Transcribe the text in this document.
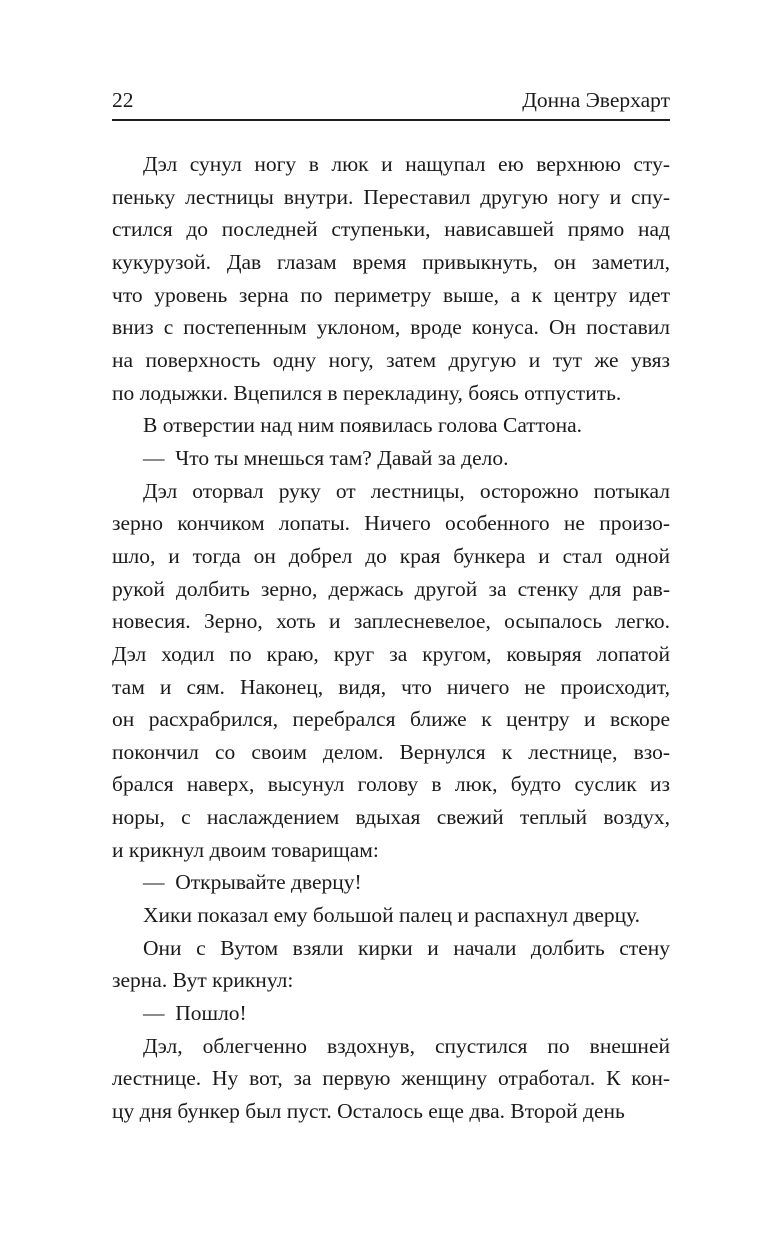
22	Донна Эверхарт
Дэл сунул ногу в люк и нащупал ею верхнюю сту-
пеньку лестницы внутри. Переставил другую ногу и спу-
стился до последней ступеньки, нависавшей прямо над
кукурузой. Дав глазам время привыкнуть, он заметил,
что уровень зерна по периметру выше, а к центру идет
вниз с постепенным уклоном, вроде конуса. Он поставил
на поверхность одну ногу, затем другую и тут же увяз
по лодыжки. Вцепился в перекладину, боясь отпустить.
В отверстии над ним появилась голова Саттона.
— Что ты мнешься там? Давай за дело.
Дэл оторвал руку от лестницы, осторожно потыкал
зерно кончиком лопаты. Ничего особенного не произо-
шло, и тогда он добрел до края бункера и стал одной
рукой долбить зерно, держась другой за стенку для рав-
новесия. Зерно, хоть и заплесневелое, осыпалось легко.
Дэл ходил по краю, круг за кругом, ковыряя лопатой
там и сям. Наконец, видя, что ничего не происходит,
он расхрабрился, перебрался ближе к центру и вскоре
покончил со своим делом. Вернулся к лестнице, взо-
брался наверх, высунул голову в люк, будто суслик из
норы, с наслаждением вдыхая свежий теплый воздух,
и крикнул двоим товарищам:
— Открывайте дверцу!
Хики показал ему большой палец и распахнул дверцу.
Они с Вутом взяли кирки и начали долбить стену
зерна. Вут крикнул:
— Пошло!
Дэл, облегченно вздохнув, спустился по внешней
лестнице. Ну вот, за первую женщину отработал. К кон-
цу дня бункер был пуст. Осталось еще два. Второй день
